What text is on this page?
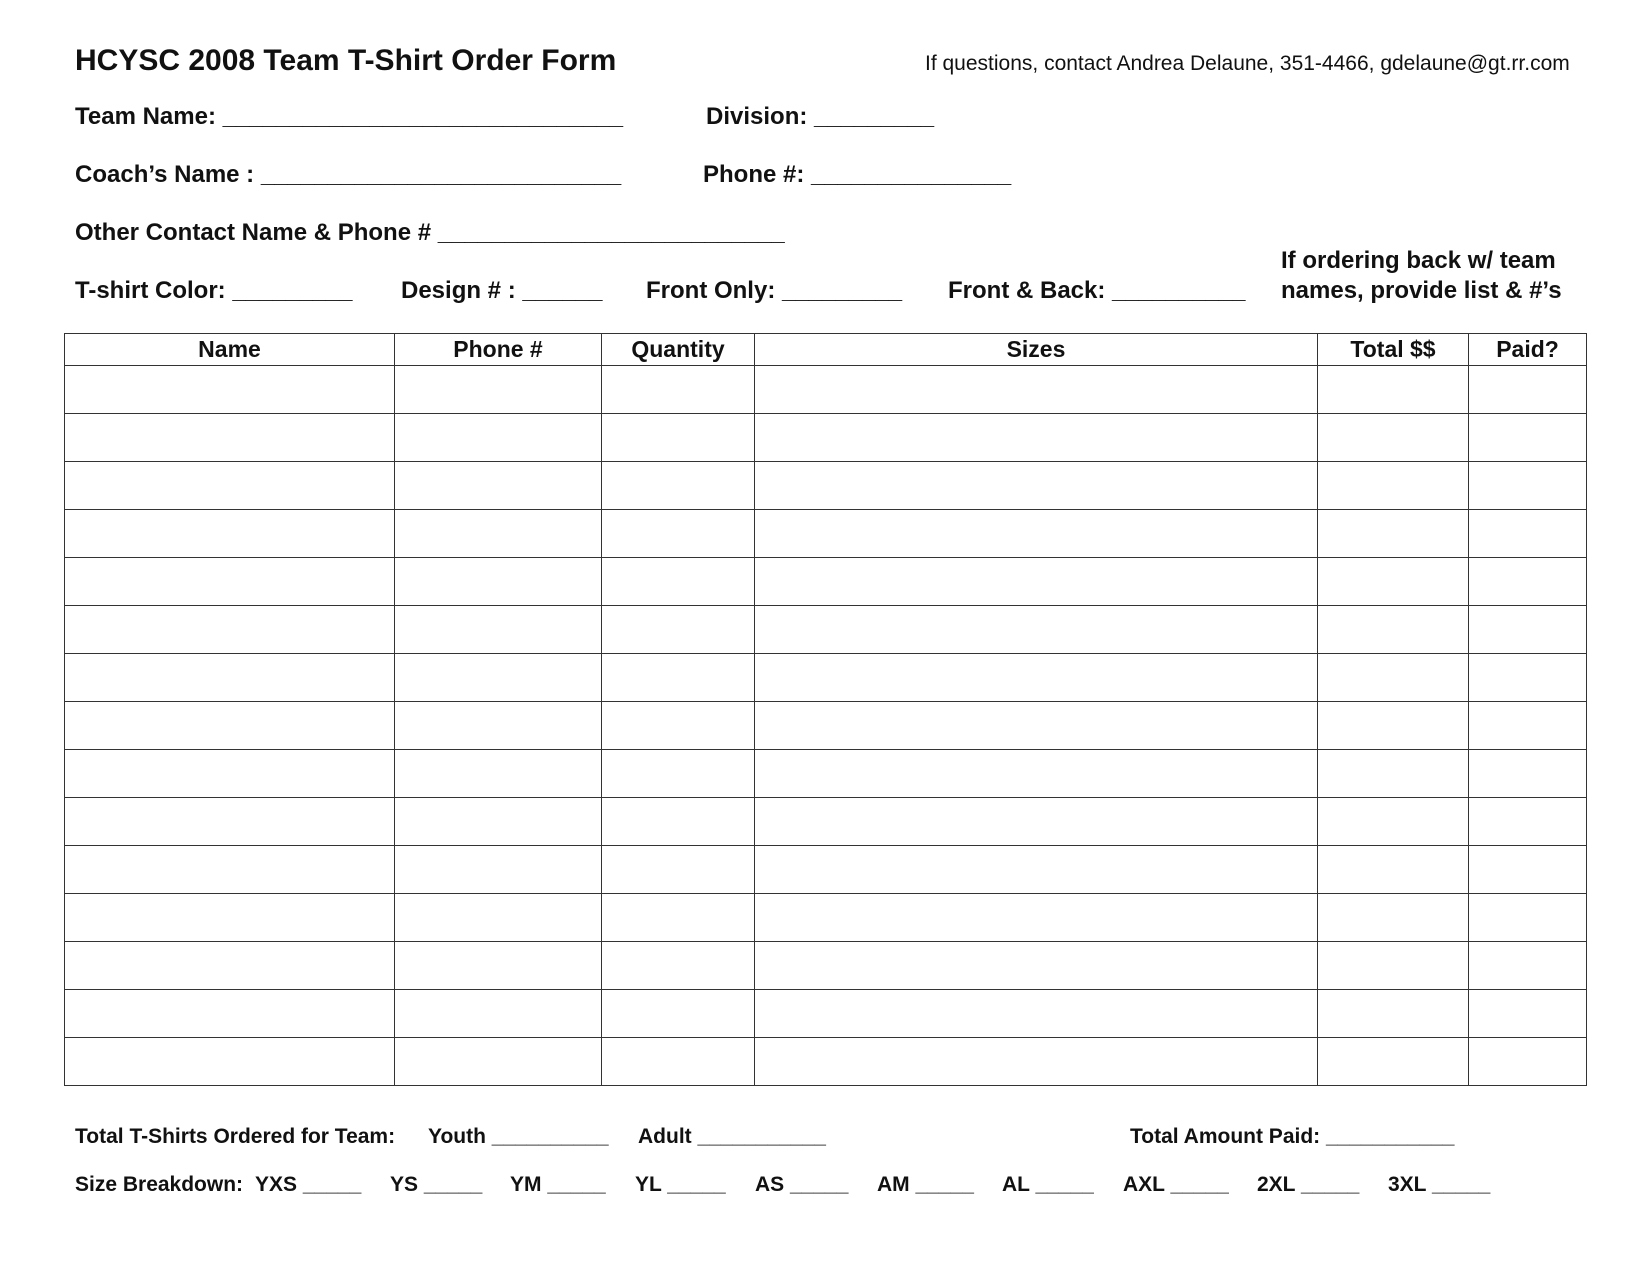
HCYSC 2008 Team T-Shirt Order Form	If questions, contact Andrea Delaune, 351-4466, gdelaune@gt.rr.com
Team Name: ______________________________	Division: _________
Coach’s Name : ___________________________	Phone #: _______________
Other Contact Name & Phone # __________________________
T-shirt Color: _________ Design # : ______ Front Only: _________ Front & Back: __________
If ordering back w/ team names, provide list & #’s
Name	Phone #	Quantity	Sizes	Total $$	Paid?

Total T-Shirts Ordered for Team: Youth __________ Adult ___________	Total Amount Paid: ___________
Size Breakdown: YXS _____ YS _____ YM _____ YL _____ AS _____ AM _____ AL _____ AXL _____ 2XL _____ 3XL _____
